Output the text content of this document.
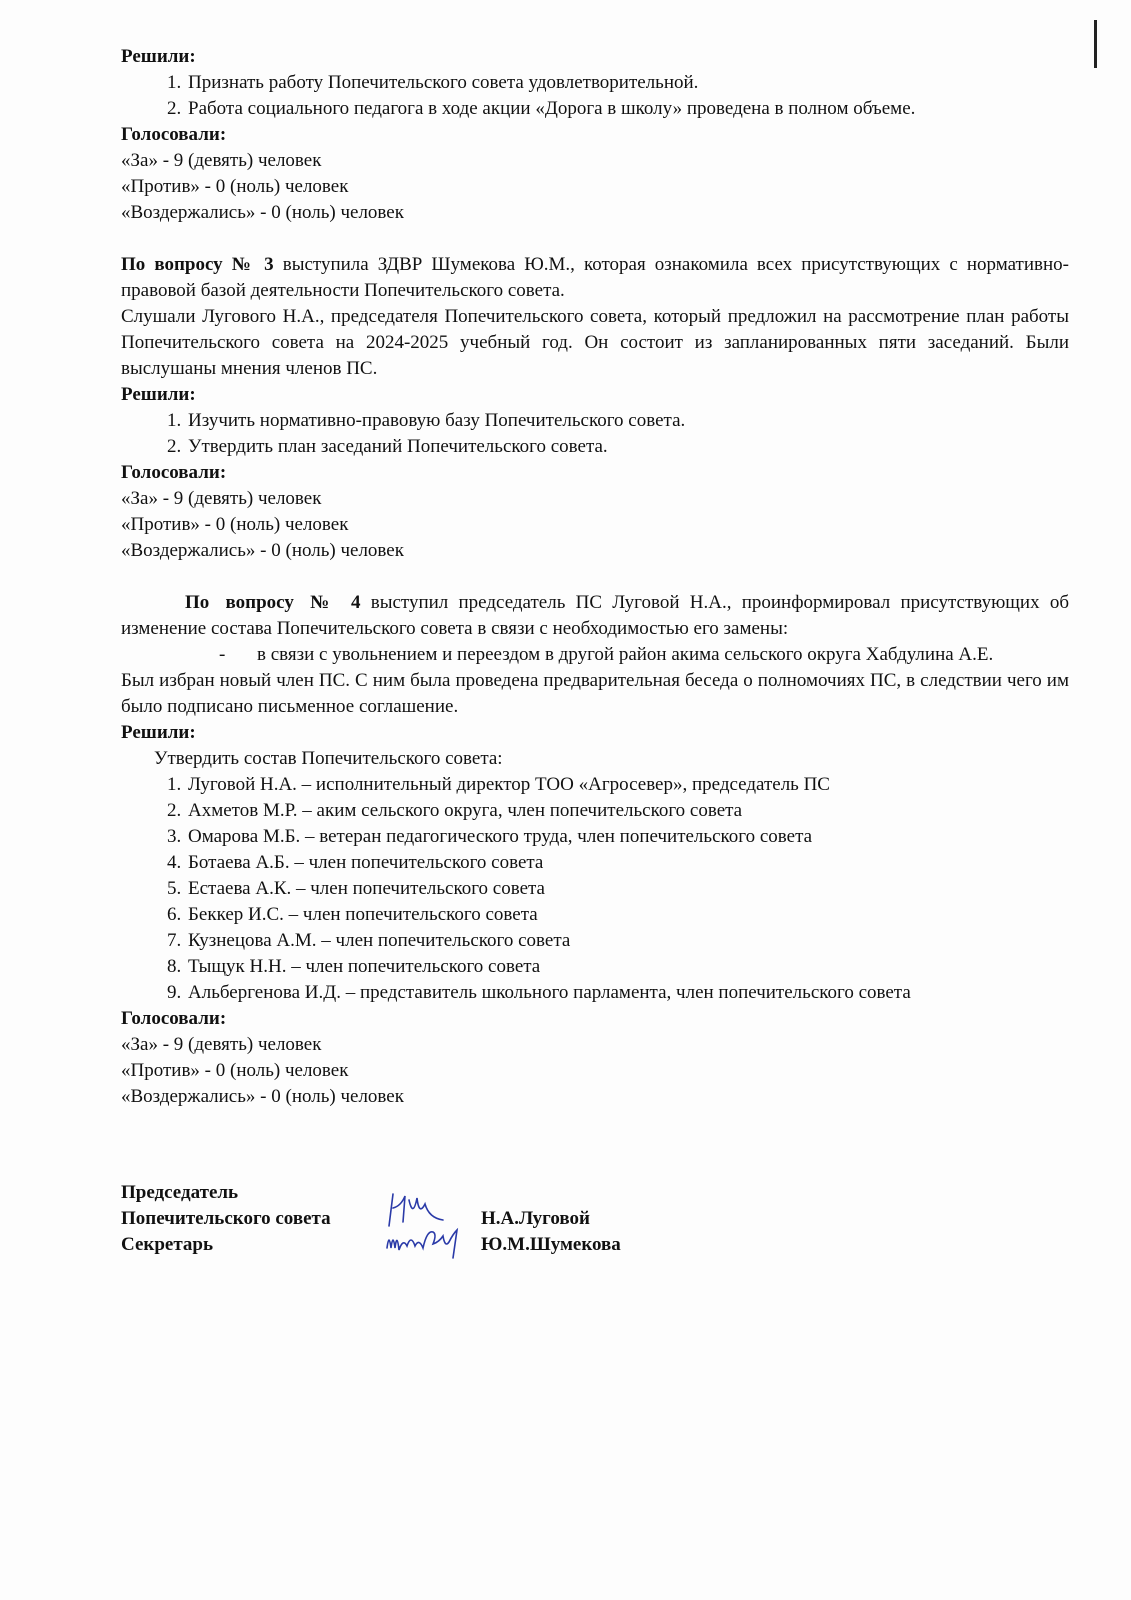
Решили:
1. Признать работу Попечительского совета удовлетворительной.
2. Работа социального педагога в ходе акции «Дорога в школу» проведена в полном объеме.
Голосовали:
«За» - 9 (девять) человек
«Против» - 0 (ноль) человек
«Воздержались» - 0 (ноль) человек
По вопросу № 3 выступила ЗДВР Шумекова Ю.М., которая ознакомила всех присутствующих с нормативно-правовой базой деятельности Попечительского совета.
Слушали Лугового Н.А., председателя Попечительского совета, который предложил на рассмотрение план работы Попечительского совета на 2024-2025 учебный год. Он состоит из запланированных пяти заседаний. Были выслушаны мнения членов ПС.
Решили:
1. Изучить нормативно-правовую базу Попечительского совета.
2. Утвердить план заседаний Попечительского совета.
Голосовали:
«За» - 9 (девять) человек
«Против» - 0 (ноль) человек
«Воздержались» - 0 (ноль) человек
По вопросу № 4 выступил председатель ПС Луговой Н.А., проинформировал присутствующих об изменение состава Попечительского совета в связи с необходимостью его замены:
- в связи с увольнением и переездом в другой район акима сельского округа Хабдулина А.Е.
Был избран новый член ПС. С ним была проведена предварительная беседа о полномочиях ПС, в следствии чего им было подписано письменное соглашение.
Решили:
Утвердить состав Попечительского совета:
1. Луговой Н.А. – исполнительный директор ТОО «Агросевер», председатель ПС
2. Ахметов М.Р. – аким сельского округа, член попечительского совета
3. Омарова М.Б. – ветеран педагогического труда, член попечительского совета
4. Ботаева А.Б. – член попечительского совета
5. Естаева А.К. – член попечительского совета
6. Беккер И.С. – член попечительского совета
7. Кузнецова А.М. – член попечительского совета
8. Тыщук Н.Н. – член попечительского совета
9. Альбергенова И.Д. – представитель школьного парламента, член попечительского совета
Голосовали:
«За» - 9 (девять) человек
«Против» - 0 (ноль) человек
«Воздержались» - 0 (ноль) человек
Председатель
Попечительского совета	Н.А.Луговой
Секретарь	Ю.М.Шумекова
